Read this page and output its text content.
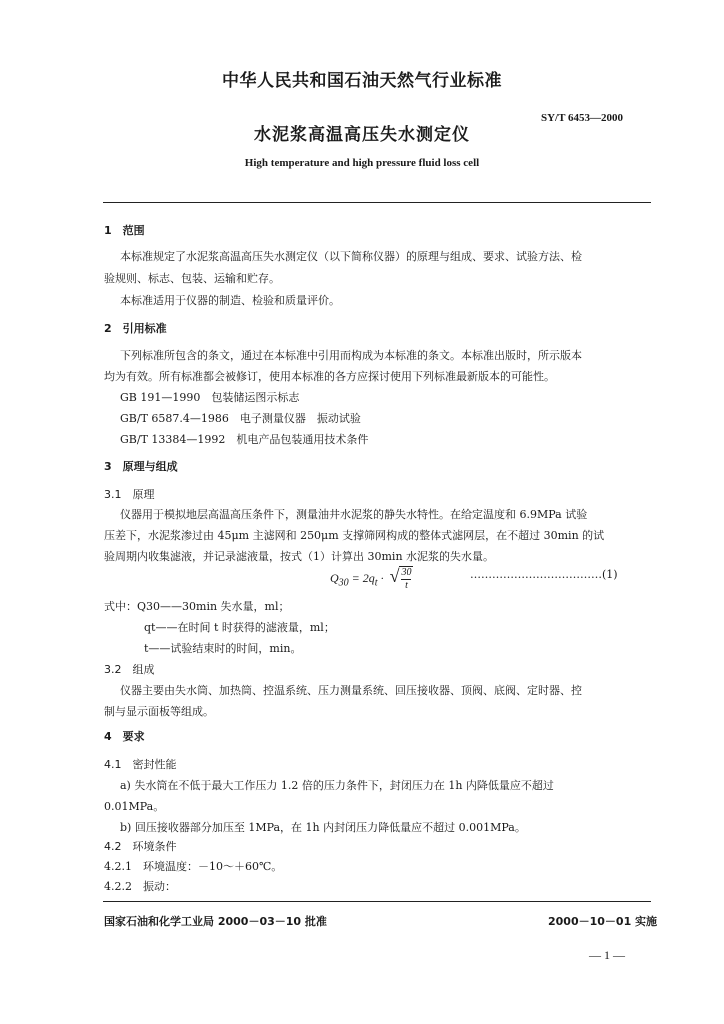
中华人民共和国石油天然气行业标准
SY/T 6453—2000
水泥浆高温高压失水测定仪
High temperature and high pressure fluid loss cell
1　范围
本标准规定了水泥浆高温高压失水测定仪（以下简称仪器）的原理与组成、要求、试验方法、检
验规则、标志、包装、运输和贮存。
本标准适用于仪器的制造、检验和质量评价。
2　引用标准
下列标准所包含的条文，通过在本标准中引用而构成为本标准的条文。本标准出版时，所示版本
均为有效。所有标准都会被修订，使用本标准的各方应探讨使用下列标准最新版本的可能性。
GB 191—1990　包装储运图示标志
GB/T 6587.4—1986　电子测量仪器　振动试验
GB/T 13384—1992　机电产品包装通用技术条件
3　原理与组成
3.1　原理
仪器用于模拟地层高温高压条件下，测量油井水泥浆的静失水特性。在给定温度和 6.9MPa 试验
压差下，水泥浆渗过由 45μm 主滤网和 250μm 支撑筛网构成的整体式滤网层，在不超过 30min 的试
验周期内收集滤液，并记录滤液量，按式（1）计算出 30min 水泥浆的失水量。
$Q_{30} = 2q_t$ · √ $\frac{30}{t}$	………………………………(1)
式中：Q30——30min 失水量，ml；
qt——在时间 t 时获得的滤液量，ml；
t——试验结束时的时间，min。
3.2　组成
仪器主要由失水筒、加热筒、控温系统、压力测量系统、回压接收器、顶阀、底阀、定时器、控
制与显示面板等组成。
4　要求
4.1　密封性能
a) 失水筒在不低于最大工作压力 1.2 倍的压力条件下，封闭压力在 1h 内降低量应不超过
0.01MPa。
b) 回压接收器部分加压至 1MPa，在 1h 内封闭压力降低量应不超过 0.001MPa。
4.2　环境条件
4.2.1　环境温度：－10～＋60℃。
4.2.2　振动：
国家石油和化学工业局 2000－03－10 批准	2000－10－01 实施
— 1 —
